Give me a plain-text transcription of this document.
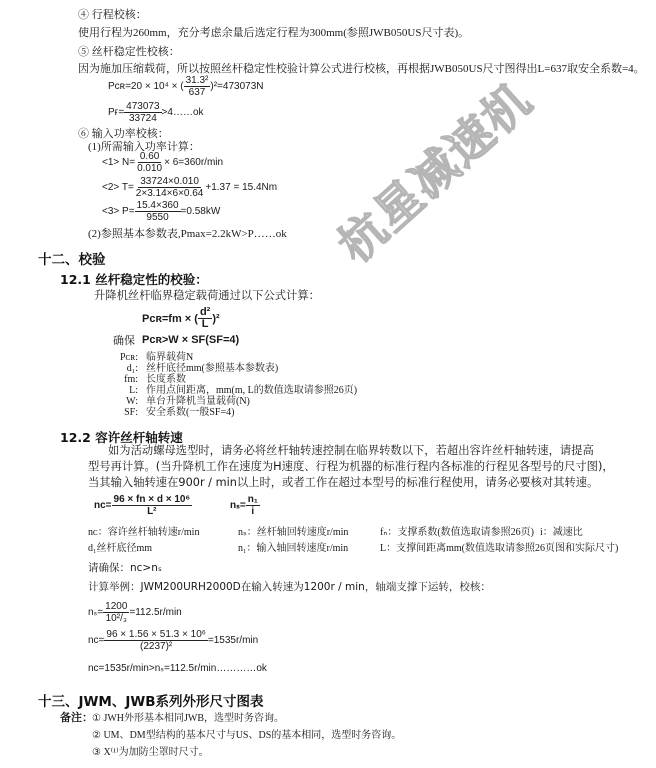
杭星减速机
④ 行程校核：
使用行程为260mm，充分考虑余量后选定行程为300mm(参照JWB050US尺寸表)。
⑤ 丝杆稳定性校核：
因为施加压缩载荷，所以按照丝杆稳定性校验计算公式进行校核，再根据JWB050US尺寸图得出L=637取安全系数=4。
Pᴄʀ=20 × 10⁴ × ( $\frac{\text{31.3²}}{637} )^2=473073N$
$Pғ= \frac{473073}{33724}$ >4……ok
⑥ 输入功率校核：
(1)所需输入功率计算：
$<1> N= \frac{0.60}{0.010} \times 6=360r/\min$
$<2> T= \frac{33724\times 0.010}{2\times 3.14\times 6\times 0.64} +1.37 = 15.4Nm$
$<3> P= \frac{15.4\times 360}{9550} =0.58kW$
(2)参照基本参数表,Pmax=2.2kW>P……ok
十二、校验
12.1 丝杆稳定性的校验：
升降机丝杆临界稳定载荷通过以下公式计算：
Pᴄʀ=fm × ( $\frac{\text{d²}}{L} )^2$
确保 Pᴄʀ>W × SF(SF=4)
Pᴄʀ: 临界载荷N
d₁: 丝杆底径mm(参照基本参数表)
fm: 长度系数
L: 作用点间距离，mm(m, L的数值选取请参照26页)
W: 单台升降机当量载荷(N)
SF: 安全系数(一般SF=4)
12.2 容许丝杆轴转速
如为活动螺母选型时，请务必将丝杆轴转速控制在临界转数以下，若超出容许丝杆轴转速，请提高
型号再计算。(当升降机工作在速度为H速度、行程为机器的标准行程内各标准的行程见各型号的尺寸图)，
当其输入轴转速在900r / min以上时，或者工作在超过本型号的标准行程使用，请务必要核对其转速。
nᴄ= $\frac{\text{96 × fn × d × 10⁶}}{\text{L²}}$	$n_s= \frac{\text{n₁}}{i}$
nᴄ：容许丝杆轴转速r/min	nₛ：丝杆轴回转速度r/min	fₙ：支撑系数(数值选取请参照26页) i：减速比
d₁丝杆底径mm	n₁：输入轴回转速度r/min	L：支撑间距离mm(数值选取请参照26页图和实际尺寸)
请确保：nᴄ>nₛ
计算举例：JWM200URH2000D在输入转速为1200r / min，轴端支撑下运转，校核：
$n_s= \frac{1200}{\text{10²/₃}} =112.5r/\min$
nᴄ= $\frac{\text{96 × 1.56 × 51.3 × 10⁶}}{\text{(2237)²}} =1535r/\min$
nᴄ=1535r/min>nₛ=112.5r/min…………ok
十三、JWM、JWB系列外形尺寸图表
备注： ① JWH外形基本相同JWB，选型时务咨询。
② UM、DM型结构的基本尺寸与US、DS的基本相同，选型时务咨询。
③ X⁽¹⁾为加防尘罩时尺寸。
